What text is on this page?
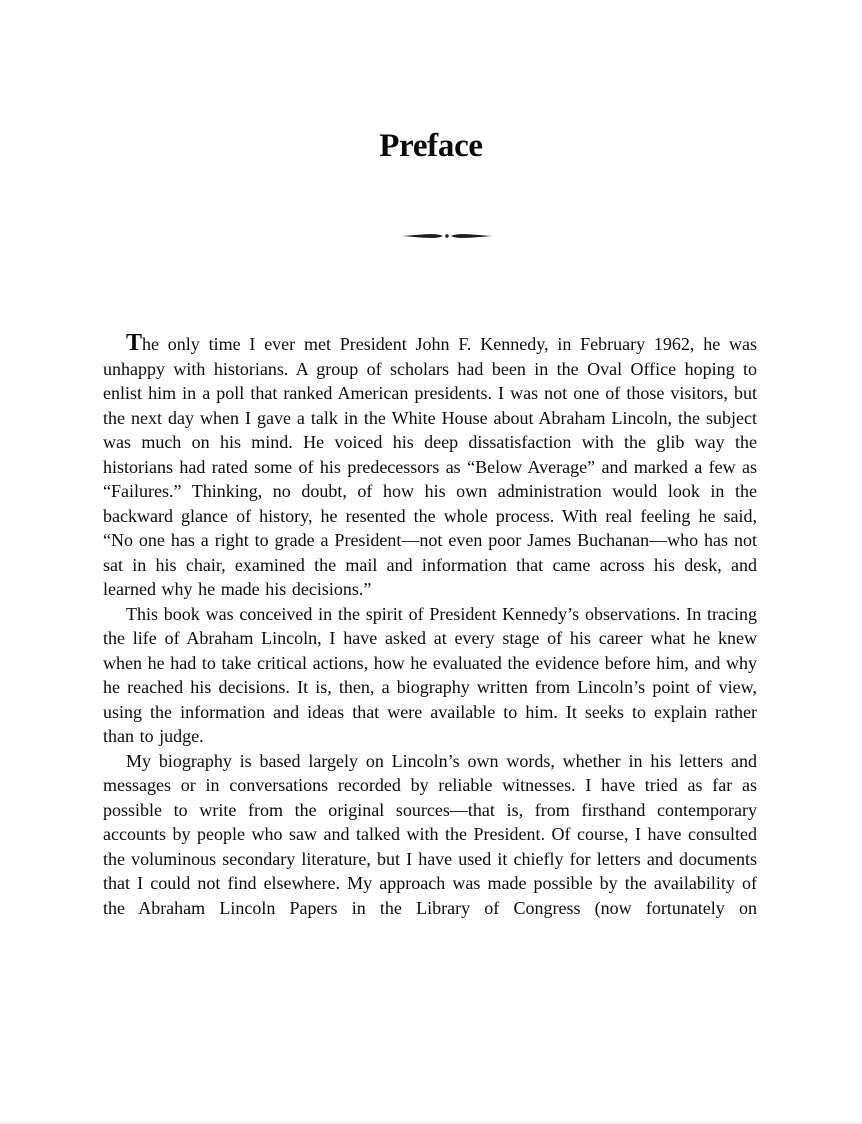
Preface

The only time I ever met President John F. Kennedy, in February 1962, he was unhappy with historians. A group of scholars had been in the Oval Office hoping to enlist him in a poll that ranked American presidents. I was not one of those visitors, but the next day when I gave a talk in the White House about Abraham Lincoln, the subject was much on his mind. He voiced his deep dissatisfaction with the glib way the historians had rated some of his predecessors as “Below Average” and marked a few as “Failures.” Thinking, no doubt, of how his own administration would look in the backward glance of history, he resented the whole process. With real feeling he said, “No one has a right to grade a President—not even poor James Buchanan—who has not sat in his chair, examined the mail and information that came across his desk, and learned why he made his decisions.”

This book was conceived in the spirit of President Kennedy’s observations. In tracing the life of Abraham Lincoln, I have asked at every stage of his career what he knew when he had to take critical actions, how he evaluated the evidence before him, and why he reached his decisions. It is, then, a biography written from Lincoln’s point of view, using the information and ideas that were available to him. It seeks to explain rather than to judge.

My biography is based largely on Lincoln’s own words, whether in his letters and messages or in conversations recorded by reliable witnesses. I have tried as far as possible to write from the original sources—that is, from firsthand contemporary accounts by people who saw and talked with the President. Of course, I have consulted the voluminous secondary literature, but I have used it chiefly for letters and documents that I could not find elsewhere. My approach was made possible by the availability of the Abraham Lincoln Papers in the Library of Congress (now fortunately on
